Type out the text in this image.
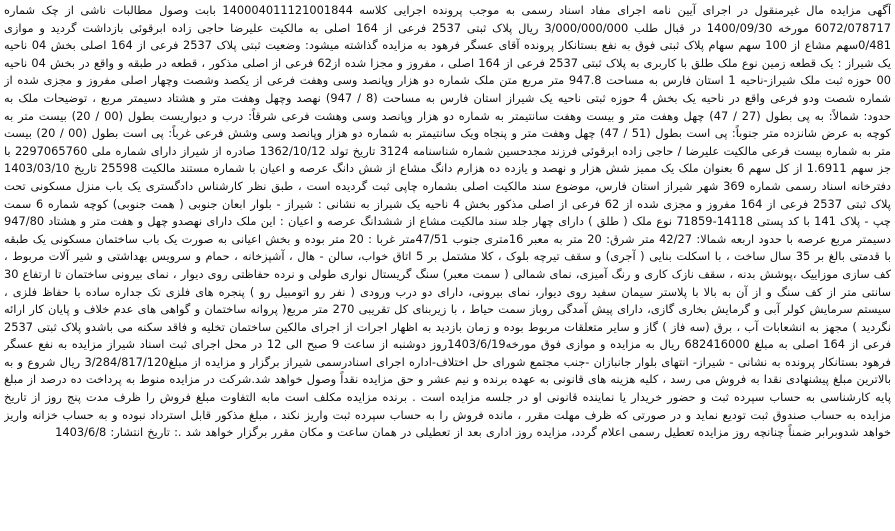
آگهی مزایده مال غیرمنقول در اجرای آیین نامه اجرای مفاد اسناد رسمی به موجب پرونده اجرایی کلاسه 140004011121001844 بابت وصول مطالبات ناشی از چک شماره 6072/078717 مورخه 1400/09/30 در قبال طلب 3/000/000/000 ریال پلاک ثبتی 2537 فرعی از 164 اصلی به مالکیت علیرضا حاجی زاده ابرقوئی بازداشت گردید و موازی 0/481سهم مشاع از 100 سهم سهام پلاک ثبتی فوق به نفع بستانکار پرونده آقای عسگر فرهود به مزایده گذاشته میشود: وضعیت ثبتی پلاک 2537 فرعی از 164 اصلی بخش 04 ناحیه یک شیراز : یک قطعه زمین نوع ملک طلق با کاربری به پلاک ثبتی 2537 فرعی از 164 اصلی ، مفروز و مجزا شده از62 فرعی از اصلی مذکور ، قطعه در طبقه و واقع در بخش 04 ناحیه 00 حوزه ثبت ملک شیراز-ناحیه 1 استان فارس به مساحت 947.8 متر مربع متن ملک شماره دو هزار وپانصد وسی وهفت فرعی از یکصد وشصت وچهار اصلی مفروز و مجزی شده از شماره شصت ودو فرعی واقع در ناحیه یک بخش 4 حوزه ثبتی ناحیه یک شیراز استان فارس به مساحت (8 / 947) نهصد وچهل وهفت متر و هشتاد دسیمتر مربع ، توضیحات ملک به حدود: شمالاً: به پی بطول (27 / 47) چهل وهفت متر و بیست وهفت سانتیمتر به شماره دو هزار وپانصد وسی وهشت فرعی شرقاً: درب و دیواریست بطول (00 / 20) بیست متر به کوچه به عرض شانزده متر جنوباً: پی است بطول (51 / 47) چهل وهفت متر و پنجاه ویک سانتیمتر به شماره دو هزار وپانصد وسی وشش فرعی غرباً: پی است بطول (00 / 20) بیست متر به شماره بیست فرعی مالکیت علیرضا / حاجی زاده ابرقوئی فرزند مجدحسین شماره شناسنامه 3124 تاریخ تولد 1362/10/12 صادره از شیراز دارای شماره ملی 2297065760 با جز سهم 1.6911 از کل سهم 6 بعنوان ملک یک ممیز شش هزار و نهصد و یازده ده هزارم دانگ مشاع از شش دانگ عرصه و اعیان با شماره مستند مالکیت 25598 تاریخ 1403/03/10 دفترخانه اسناد رسمی شماره 369 شهر شیراز استان فارس، موضوع سند مالکیت اصلی بشماره چاپی ثبت گردیده است ، طبق نظر کارشناس دادگستری یک باب منزل مسکونی تحت پلاک ثبتی 2537 فرعی از 164 مفروز و مجزی شده از 62 فرعی از اصلی مذکور بخش 4 ناحیه یک شیراز به نشانی : شیراز - بلوار ابعان جنوبی ( همت جنوبی) کوچه شماره 6 سمت چپ - پلاک 141 با کد پستی 14118-71859 نوع ملک ( طلق ) دارای چهار جلد سند مالکیت مشاع از ششدانگ عرصه و اعیان : این ملک دارای نهصدو چهل و هفت متر و هشتاد 947/80 دسیمتر مربع عرصه با حدود اربعه شمالا: 42/27 متر شرق: 20 متر به معبر 16متری جنوب 47/51متر غربا : 20 متر بوده و بخش اعیانی به صورت یک باب ساختمان مسکونی یک طبقه با قدمتی بالغ بر 35 سال ساخت ، با اسکلت بنایی ( آجری) و سقف تیرچه بلوک ، کلا مشتمل بر 5 اتاق خواب، سالن - هال ، آشپزخانه ، حمام و سرویس بهداشتی و شیر آلات مربوط ، کف سازی موزاییک ،پوشش بدنه ، سقف نازک کاری و رنگ آمیزی، نمای شمالی ( سمت معبر) سنگ گریستال نواری طولی و نرده حفاظتی روی دیوار ، نمای بیرونی ساختمان تا ارتفاع 30 سانتی متر از کف سنگ و از آن به بالا با پلاستر سیمان سفید روی دیوار، نمای بیرونی، دارای دو درب ورودی ( نفر رو اتومبیل رو ) پنجره های فلزی تک جداره ساده با حفاظ فلزی ، سیستم سرمایش کولر آبی و گرمایش بخاری گازی، دارای پیش آمدگی روباز سمت حیاط ، با زیربنای کل تقریبی 270 متر مربع( پروانه ساختمان و گواهی های عدم خلاف و پایان کار ارائه نگردید ) مجهز به انشعابات آب ، برق (سه فاز ) گاز و سایر متعلقات مربوط بوده و زمان بازدید به اظهار اجرات از اجرای مالکین ساختمان تخلیه و فاقد سکنه می باشدو پلاک ثبتی 2537 فرعی از 164 اصلی به مبلغ 682416000 ریال به مزایده و موازی فوق مورخه1403/6/19روز دوشنبه از ساعت 9 صبح الی 12 در محل اجرای ثبت اسناد شیراز مزایده به نفع عسگر فرهود بستانکار پرونده به نشانی - شیراز- انتهای بلوار جانبازان -جنب مجتمع شورای حل اختلاف-اداره اجرای اسنادرسمی شیراز برگزار و مزایده از مبلغ3/284/817/120 ریال شروع و به بالاترین مبلغ پیشنهادی نقدا به فروش می رسد ، کلیه هزینه های قانونی به عهده برنده و نیم عشر و حق مزایده نقداً وصول خواهد شد.شرکت در مزایده منوط به پرداخت ده درصد از مبلغ پایه کارشناسی به حساب سپرده ثبت و حضور خریدار یا نماینده قانونی او در جلسه مزایده است . برنده مزایده مکلف است مابه التفاوت مبلغ فروش را ظرف مدت پنج روز از تاریخ مزایده به حساب صندوق ثبت تودیع نماید و در صورتی که ظرف مهلت مقرر ، مانده فروش را به حساب سپرده ثبت واریز نکند ، مبلغ مذکور قابل استرداد نبوده و به حساب خزانه واریز خواهد شدوبرابر ضمناً چنانچه روز مزایده تعطیل رسمی اعلام گردد، مزایده روز اداری بعد از تعطیلی در همان ساعت و مکان مقرر برگزار خواهد شد .: تاریخ انتشار: 1403/6/8
